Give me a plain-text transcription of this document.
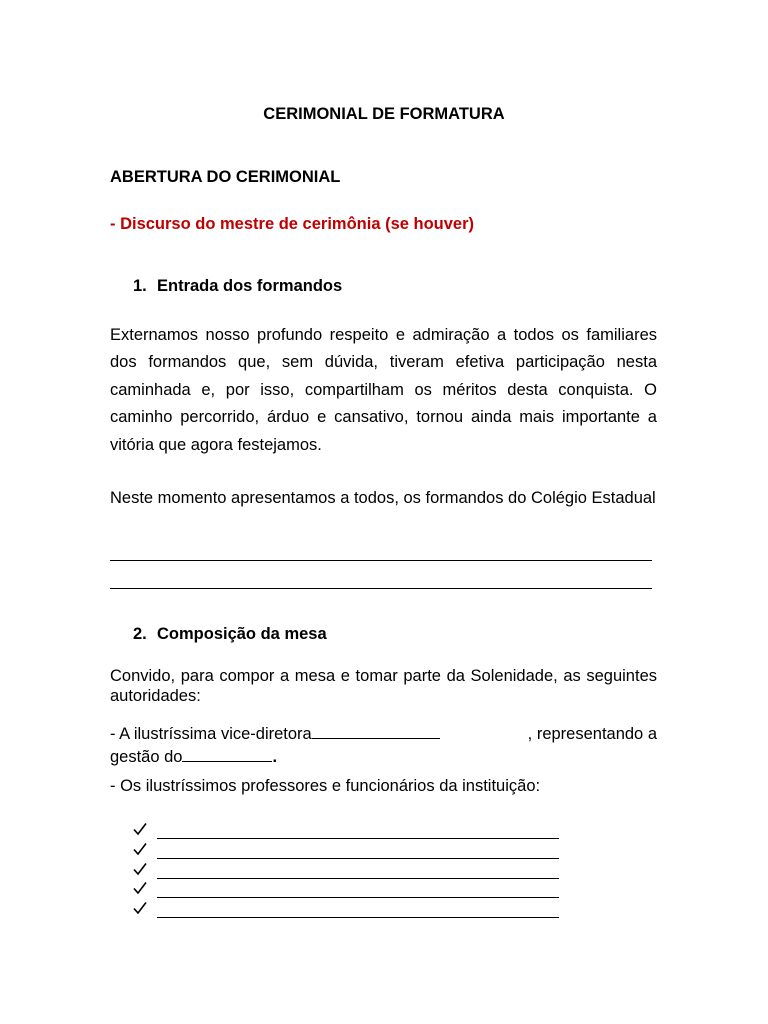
CERIMONIAL DE FORMATURA
ABERTURA DO CERIMONIAL
- Discurso do mestre de cerimônia (se houver)
1. Entrada dos formandos
Externamos nosso profundo respeito e admiração a todos os familiares dos formandos que, sem dúvida, tiveram efetiva participação nesta caminhada e, por isso, compartilham os méritos desta conquista. O caminho percorrido, árduo e cansativo, tornou ainda mais importante a vitória que agora festejamos.
Neste momento apresentamos a todos, os formandos do Colégio Estadual
2. Composição da mesa
Convido, para compor a mesa e tomar parte da Solenidade, as seguintes autoridades:
- A ilustríssima vice-diretora	, representando a
gestão do	.
- Os ilustríssimos professores e funcionários da instituição:
